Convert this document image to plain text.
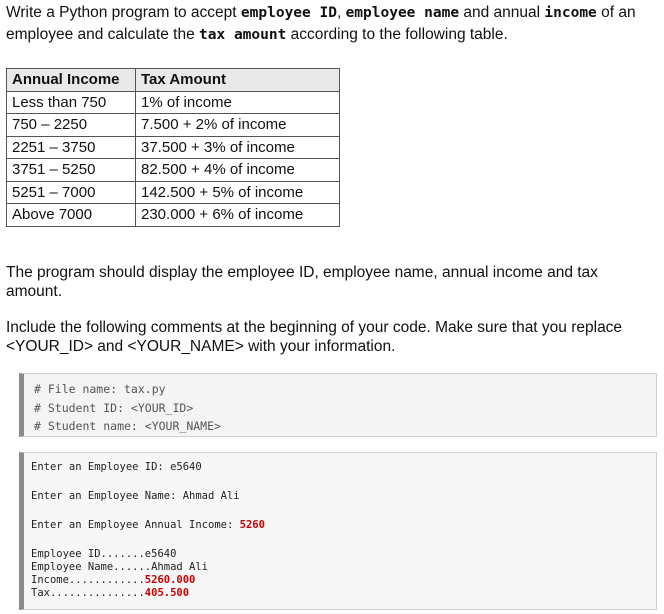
Write a Python program to accept employee ID, employee name and annual income of an employee and calculate the tax amount according to the following table.

Annual Income	Tax Amount
Less than 750	1% of income
750 – 2250	7.500 + 2% of income
2251 – 3750	37.500 + 3% of income
3751 – 5250	82.500 + 4% of income
5251 – 7000	142.500 + 5% of income
Above 7000	230.000 + 6% of income

The program should display the employee ID, employee name, annual income and tax amount.

Include the following comments at the beginning of your code. Make sure that you replace <YOUR_ID> and <YOUR_NAME> with your information.

# File name: tax.py
# Student ID: <YOUR_ID>
# Student name: <YOUR_NAME>
Enter an Employee ID: e5640
Enter an Employee Name: Ahmad Ali
Enter an Employee Annual Income: 5260
Employee ID.......e5640
Employee Name......Ahmad Ali
Income............5260.000
Tax...............405.500
